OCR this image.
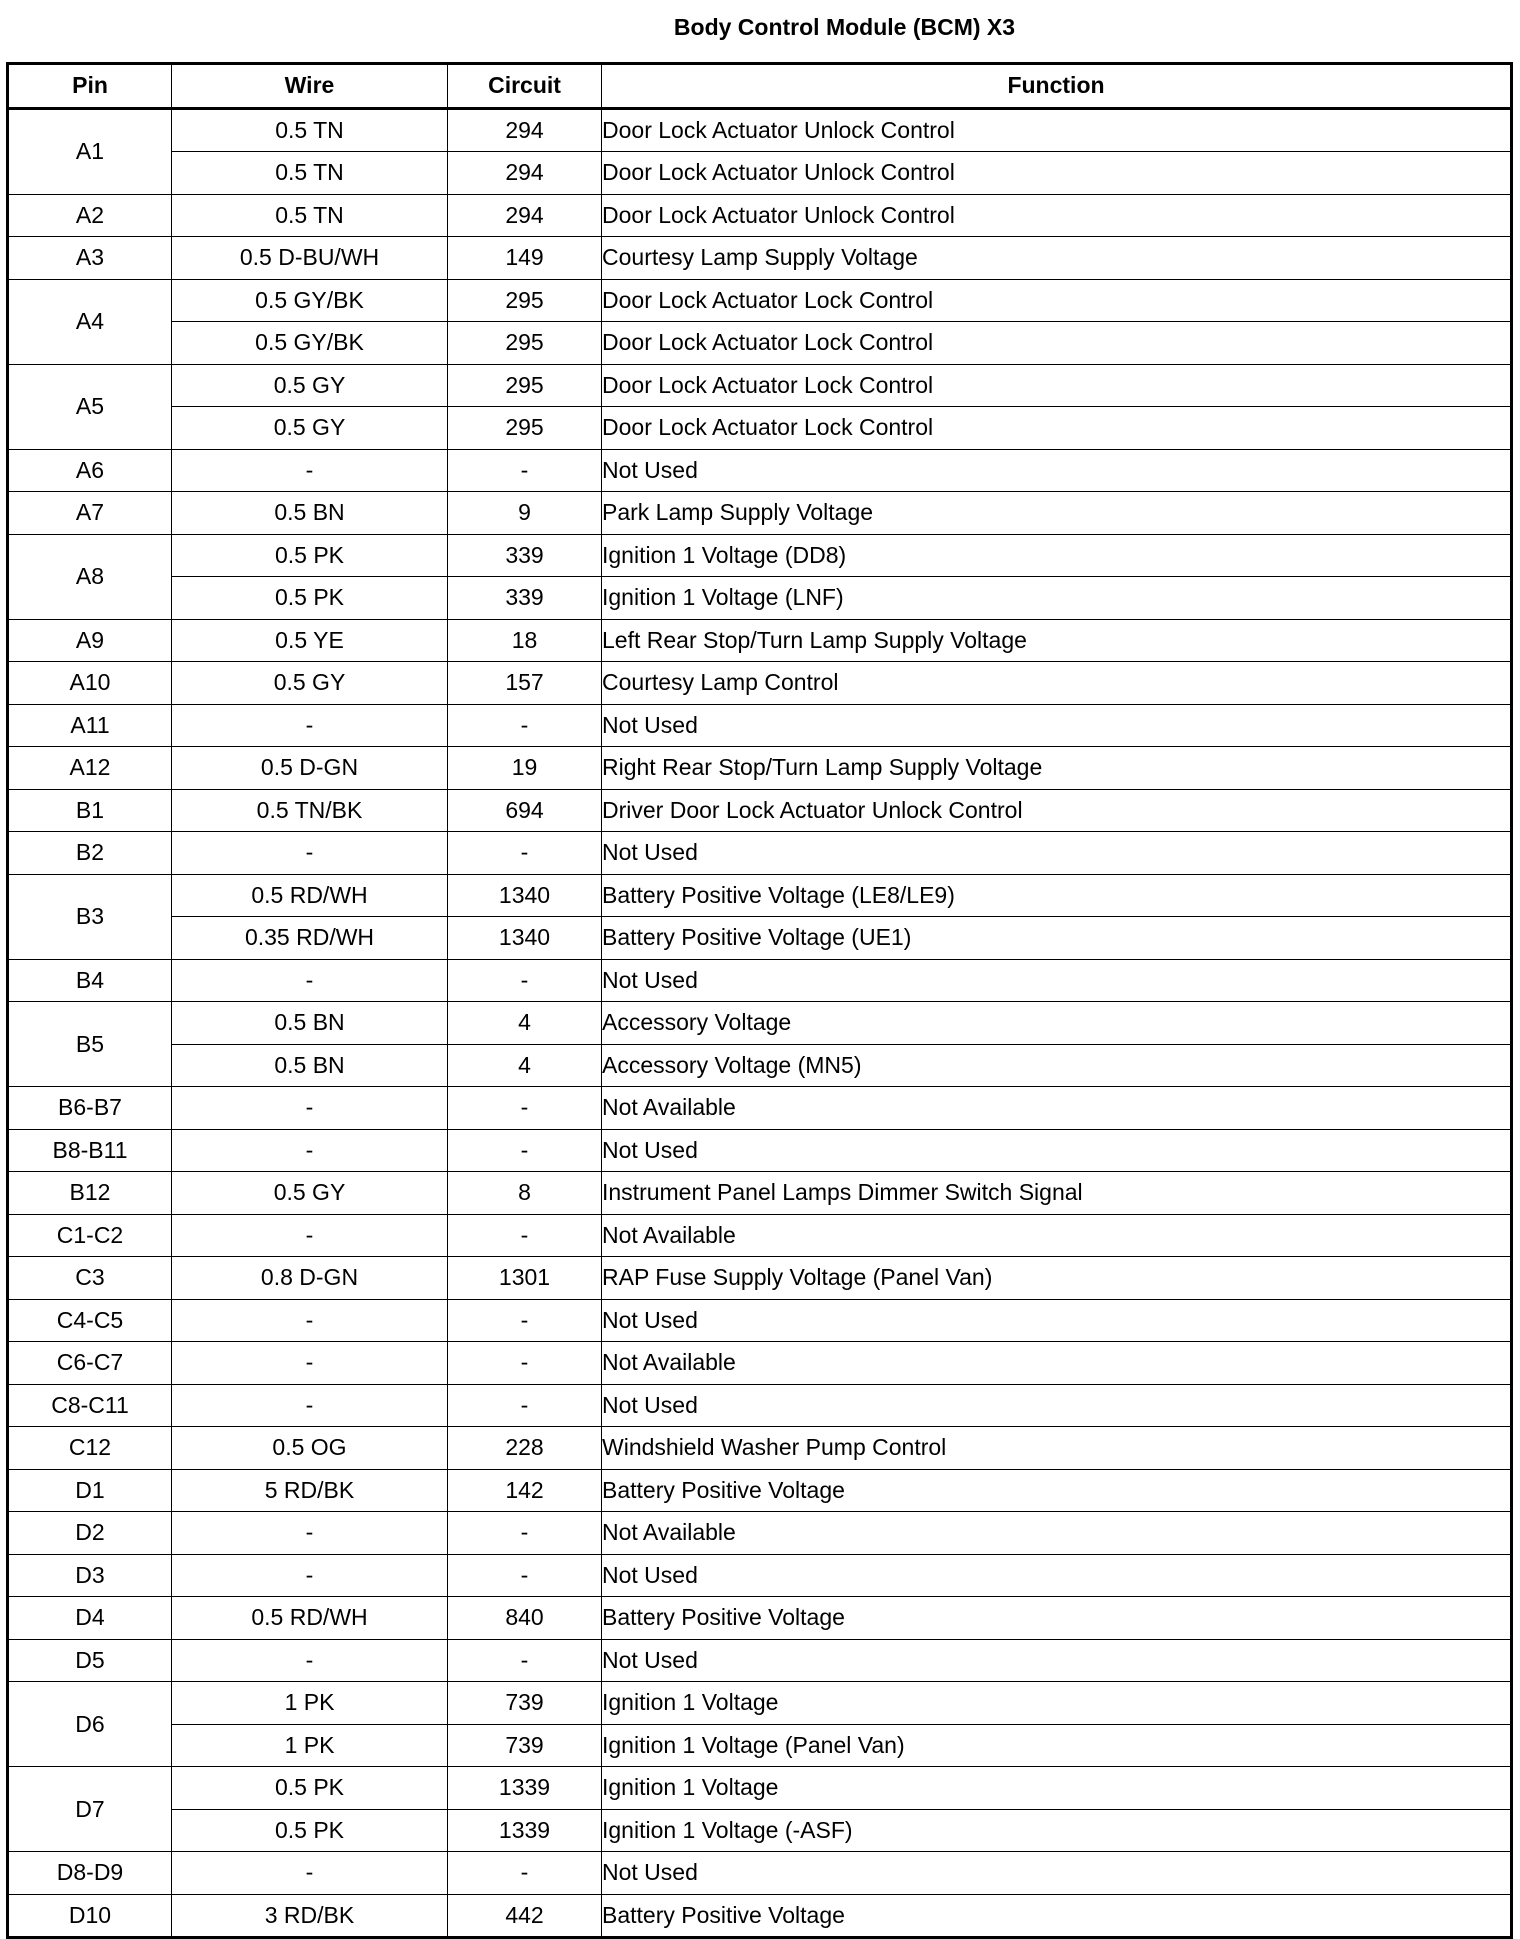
Body Control Module (BCM) X3
Pin	Wire	Circuit	Function
A1	0.5 TN	294	Door Lock Actuator Unlock Control
	0.5 TN	294	Door Lock Actuator Unlock Control
A2	0.5 TN	294	Door Lock Actuator Unlock Control
A3	0.5 D-BU/WH	149	Courtesy Lamp Supply Voltage
A4	0.5 GY/BK	295	Door Lock Actuator Lock Control
	0.5 GY/BK	295	Door Lock Actuator Lock Control
A5	0.5 GY	295	Door Lock Actuator Lock Control
	0.5 GY	295	Door Lock Actuator Lock Control
A6	-	-	Not Used
A7	0.5 BN	9	Park Lamp Supply Voltage
A8	0.5 PK	339	Ignition 1 Voltage (DD8)
	0.5 PK	339	Ignition 1 Voltage (LNF)
A9	0.5 YE	18	Left Rear Stop/Turn Lamp Supply Voltage
A10	0.5 GY	157	Courtesy Lamp Control
A11	-	-	Not Used
A12	0.5 D-GN	19	Right Rear Stop/Turn Lamp Supply Voltage
B1	0.5 TN/BK	694	Driver Door Lock Actuator Unlock Control
B2	-	-	Not Used
B3	0.5 RD/WH	1340	Battery Positive Voltage (LE8/LE9)
	0.35 RD/WH	1340	Battery Positive Voltage (UE1)
B4	-	-	Not Used
B5	0.5 BN	4	Accessory Voltage
	0.5 BN	4	Accessory Voltage (MN5)
B6-B7	-	-	Not Available
B8-B11	-	-	Not Used
B12	0.5 GY	8	Instrument Panel Lamps Dimmer Switch Signal
C1-C2	-	-	Not Available
C3	0.8 D-GN	1301	RAP Fuse Supply Voltage (Panel Van)
C4-C5	-	-	Not Used
C6-C7	-	-	Not Available
C8-C11	-	-	Not Used
C12	0.5 OG	228	Windshield Washer Pump Control
D1	5 RD/BK	142	Battery Positive Voltage
D2	-	-	Not Available
D3	-	-	Not Used
D4	0.5 RD/WH	840	Battery Positive Voltage
D5	-	-	Not Used
D6	1 PK	739	Ignition 1 Voltage
	1 PK	739	Ignition 1 Voltage (Panel Van)
D7	0.5 PK	1339	Ignition 1 Voltage
	0.5 PK	1339	Ignition 1 Voltage (-ASF)
D8-D9	-	-	Not Used
D10	3 RD/BK	442	Battery Positive Voltage
